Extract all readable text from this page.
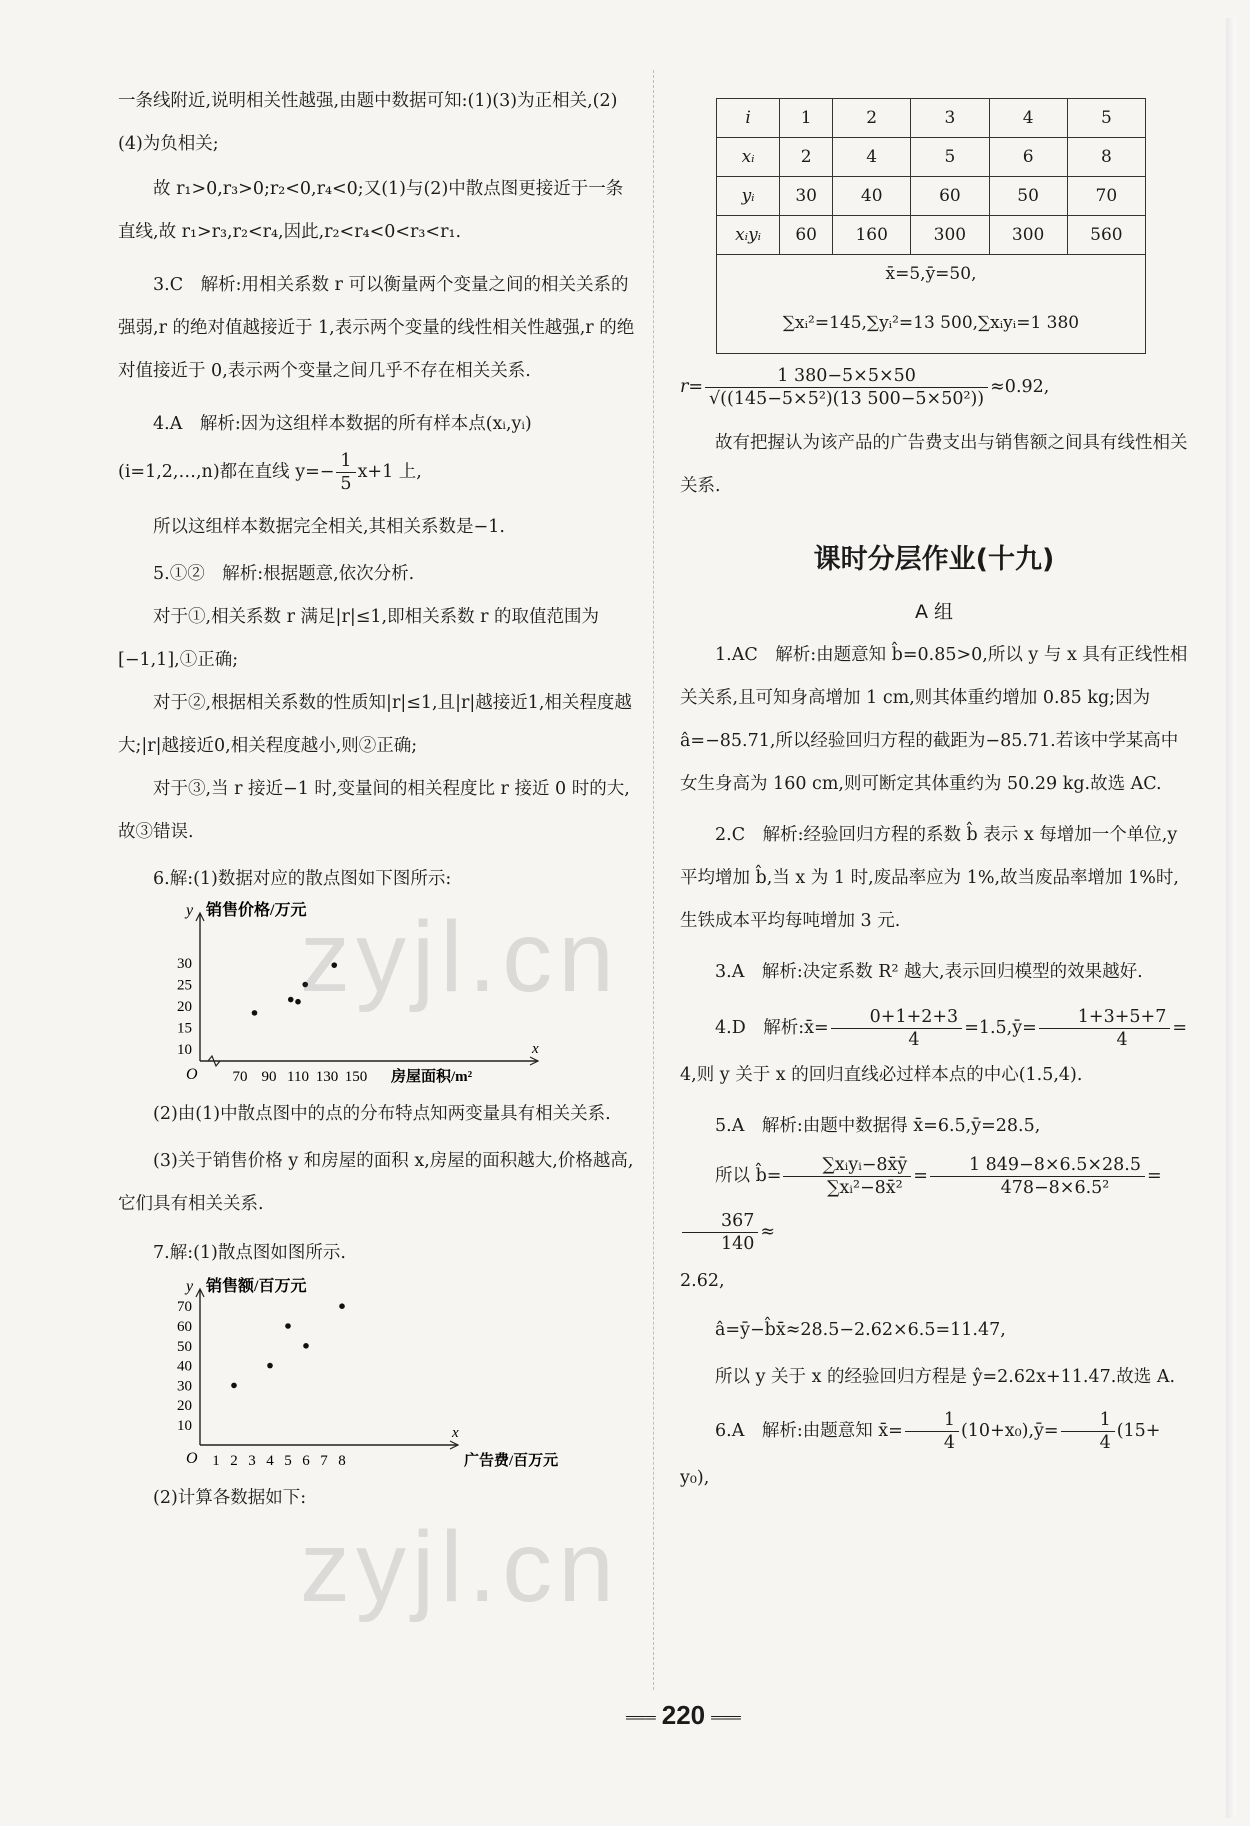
一条线附近,说明相关性越强,由题中数据可知:(1)(3)为正相关,(2)(4)为负相关;

故 r₁>0,r₃>0;r₂<0,r₄<0;又(1)与(2)中散点图更接近于一条直线,故 r₁>r₃,r₂<r₄,因此,r₂<r₄<0<r₃<r₁.

3.C　解析:用相关系数 r 可以衡量两个变量之间的相关关系的强弱,r 的绝对值越接近于 1,表示两个变量的线性相关性越强,r 的绝对值接近于 0,表示两个变量之间几乎不存在相关关系.

4.A　解析:因为这组样本数据的所有样本点(xᵢ,yᵢ)

(i=1,2,…,n)都在直线 $y=- \frac{1}{5} x+1$ 上,

所以这组样本数据完全相关,其相关系数是−1.

5.①②　解析:根据题意,依次分析.

对于①,相关系数 r 满足|r|≤1,即相关系数 r 的取值范围为[−1,1],①正确;

对于②,根据相关系数的性质知|r|≤1,且|r|越接近1,相关程度越大;|r|越接近0,相关程度越小,则②正确;

对于③,当 r 接近−1 时,变量间的相关程度比 r 接近 0 时的大,故③错误.

6.解:(1)数据对应的散点图如下图所示:

O
y
x
70 90 110 130 150
10
15
20
25
30
销售价格/万元
房屋面积/m²

(2)由(1)中散点图中的点的分布特点知两变量具有相关关系.

(3)关于销售价格 y 和房屋的面积 x,房屋的面积越大,价格越高,它们具有相关关系.

7.解:(1)散点图如图所示.

O
y
x
1 2 3 4 5 6 7 8
10
20
30
40
50
60
70
销售额/百万元
广告费/百万元

(2)计算各数据如下:

i	1	2	3	4	5
xᵢ	2	4	5	6	8
yᵢ	30	40	60	50	70
xᵢyᵢ	60	160	300	300	560
x̄=5,ȳ=50,					
∑xᵢ²=145,∑yᵢ²=13 500,∑xᵢyᵢ=1 380					

$r= \frac{1 380-5\times 5\times 50}{\text{√((145−5×5²)(13 500−5×50²))}} \approx 0.92$,

故有把握认为该产品的广告费支出与销售额之间具有线性相关关系.

课时分层作业(十九)
A 组

1.AC　解析:由题意知 b̂=0.85>0,所以 y 与 x 具有正线性相关关系,且可知身高增加 1 cm,则其体重约增加 0.85 kg;因为 â=−85.71,所以经验回归方程的截距为−85.71.若该中学某高中女生身高为 160 cm,则可断定其体重约为 50.29 kg.故选 AC.

2.C　解析:经验回归方程的系数 b̂ 表示 x 每增加一个单位,y 平均增加 b̂,当 x 为 1 时,废品率应为 1%,故当废品率增加 1%时,生铁成本平均每吨增加 3 元.

3.A　解析:决定系数 R² 越大,表示回归模型的效果越好.

4.D　解析:x̄= $\frac{0+1+2+3}{4}$ =1.5,ȳ= $\frac{1+3+5+7}{4}$ =

4,则 y 关于 x 的回归直线必过样本点的中心(1.5,4).

5.A　解析:由题中数据得 x̄=6.5,ȳ=28.5,

所以 b̂= $\frac{\text{∑xᵢyᵢ−8x̄ȳ}}{\text{∑xᵢ²−8x̄²}} = \frac{1 849-8\times 6.5\times 28.5}{\text{478−8×6.5²}}$ =
$\frac{367}{140}$ ≈

2.62,

â=ȳ−b̂x̄≈28.5−2.62×6.5=11.47,

所以 y 关于 x 的经验回归方程是 ŷ=2.62x+11.47.故选 A.

6.A　解析:由题意知 x̄= $\frac{1}{4}$ (10+x₀),ȳ= $\frac{1}{4} (15+$

y₀),

zyjl.cn
zyjl.cn
═══ 220 ═══
